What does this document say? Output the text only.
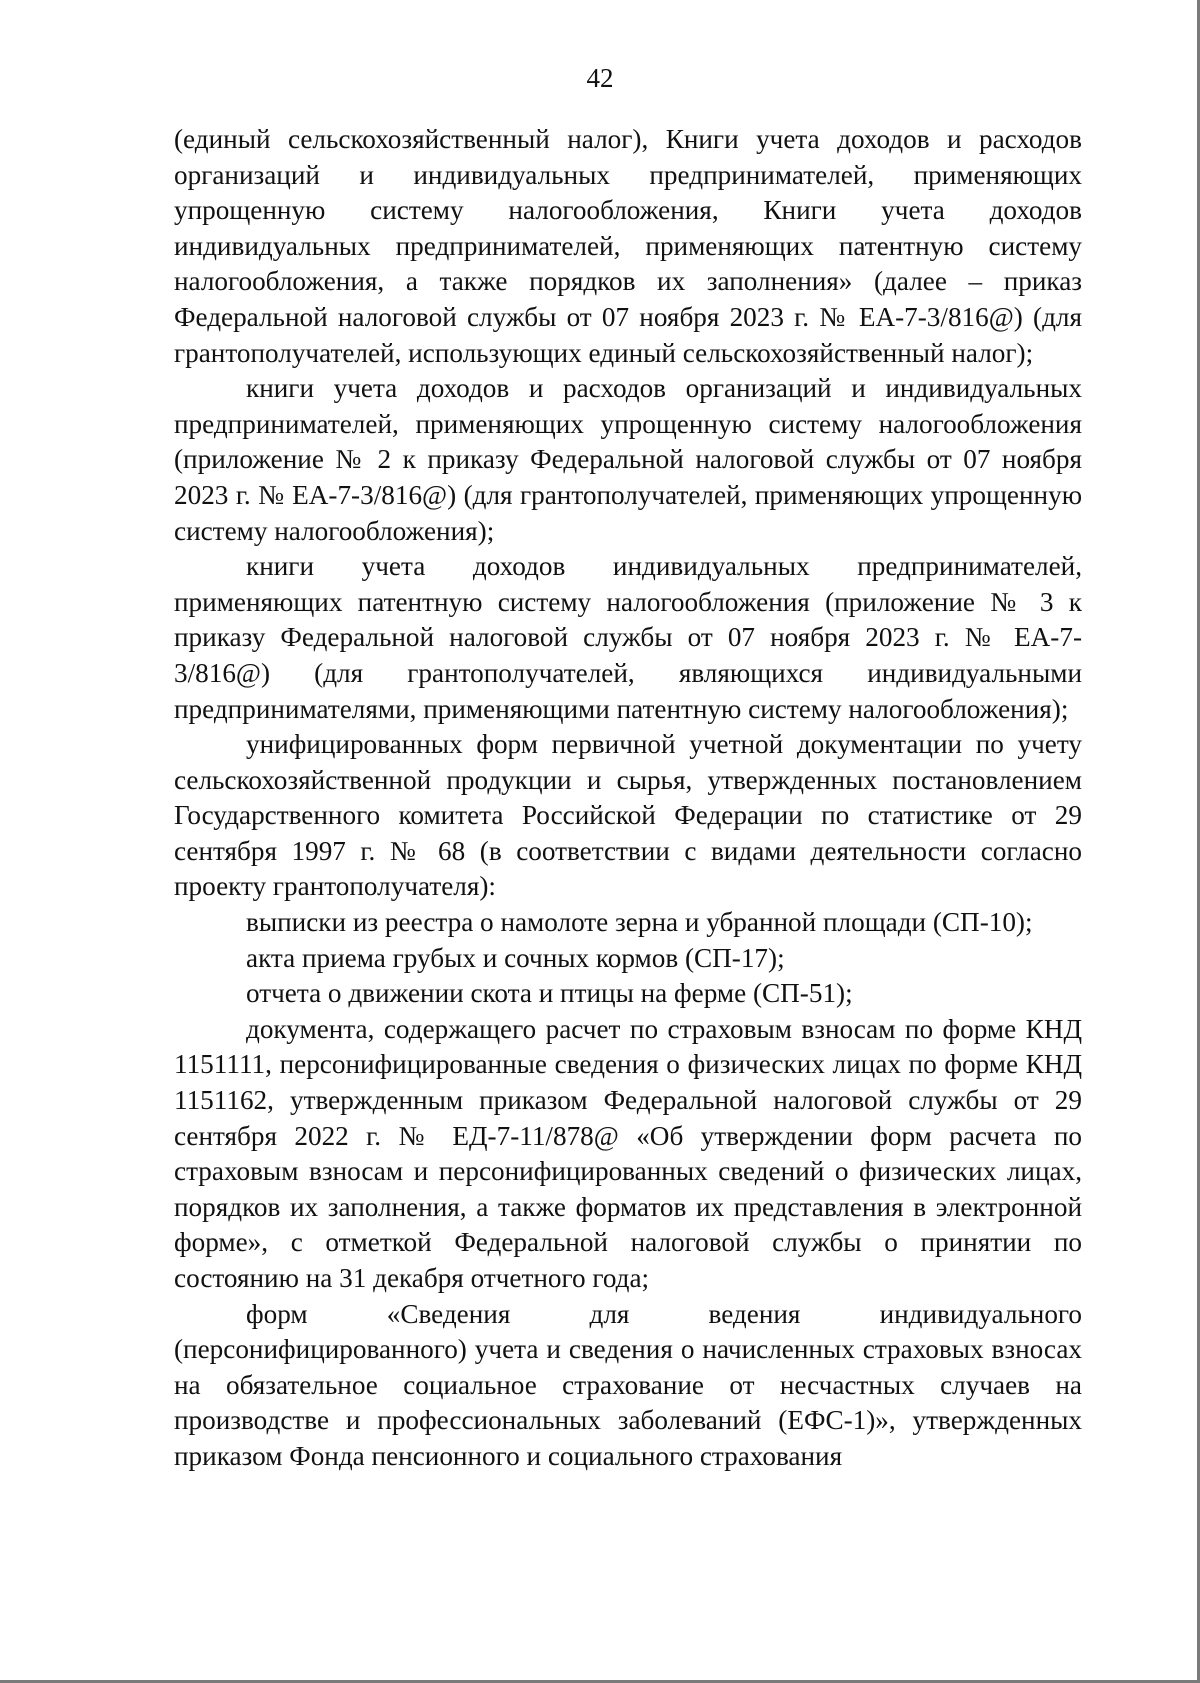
42

(единый сельскохозяйственный налог), Книги учета доходов и расходов организаций и индивидуальных предпринимателей, применяющих упрощенную систему налогообложения, Книги учета доходов индивидуальных предпринимателей, применяющих патентную систему налогообложения, а также порядков их заполнения» (далее – приказ Федеральной налоговой службы от 07 ноября 2023 г. № ЕА-7-3/816@) (для грантополучателей, использующих единый сельскохозяйственный налог);

книги учета доходов и расходов организаций и индивидуальных предпринимателей, применяющих упрощенную систему налогообложения (приложение № 2 к приказу Федеральной налоговой службы от 07 ноября 2023 г. № ЕА-7-3/816@) (для грантополучателей, применяющих упрощенную систему налогообложения);

книги учета доходов индивидуальных предпринимателей, применяющих патентную систему налогообложения (приложение № 3 к приказу Федеральной налоговой службы от 07 ноября 2023 г. № ЕА-7-3/816@) (для грантополучателей, являющихся индивидуальными предпринимателями, применяющими патентную систему налогообложения);

унифицированных форм первичной учетной документации по учету сельскохозяйственной продукции и сырья, утвержденных постановлением Государственного комитета Российской Федерации по статистике от 29 сентября 1997 г. № 68 (в соответствии с видами деятельности согласно проекту грантополучателя):

выписки из реестра о намолоте зерна и убранной площади (СП-10);

акта приема грубых и сочных кормов (СП-17);

отчета о движении скота и птицы на ферме (СП-51);

документа, содержащего расчет по страховым взносам по форме КНД 1151111, персонифицированные сведения о физических лицах по форме КНД 1151162, утвержденным приказом Федеральной налоговой службы от 29 сентября 2022 г. № ЕД-7-11/878@ «Об утверждении форм расчета по страховым взносам и персонифицированных сведений о физических лицах, порядков их заполнения, а также форматов их представления в электронной форме», с отметкой Федеральной налоговой службы о принятии по состоянию на 31 декабря отчетного года;

форм «Сведения для ведения индивидуального (персонифицированного) учета и сведения о начисленных страховых взносах на обязательное социальное страхование от несчастных случаев на производстве и профессиональных заболеваний (ЕФС-1)», утвержденных приказом Фонда пенсионного и социального страхования
